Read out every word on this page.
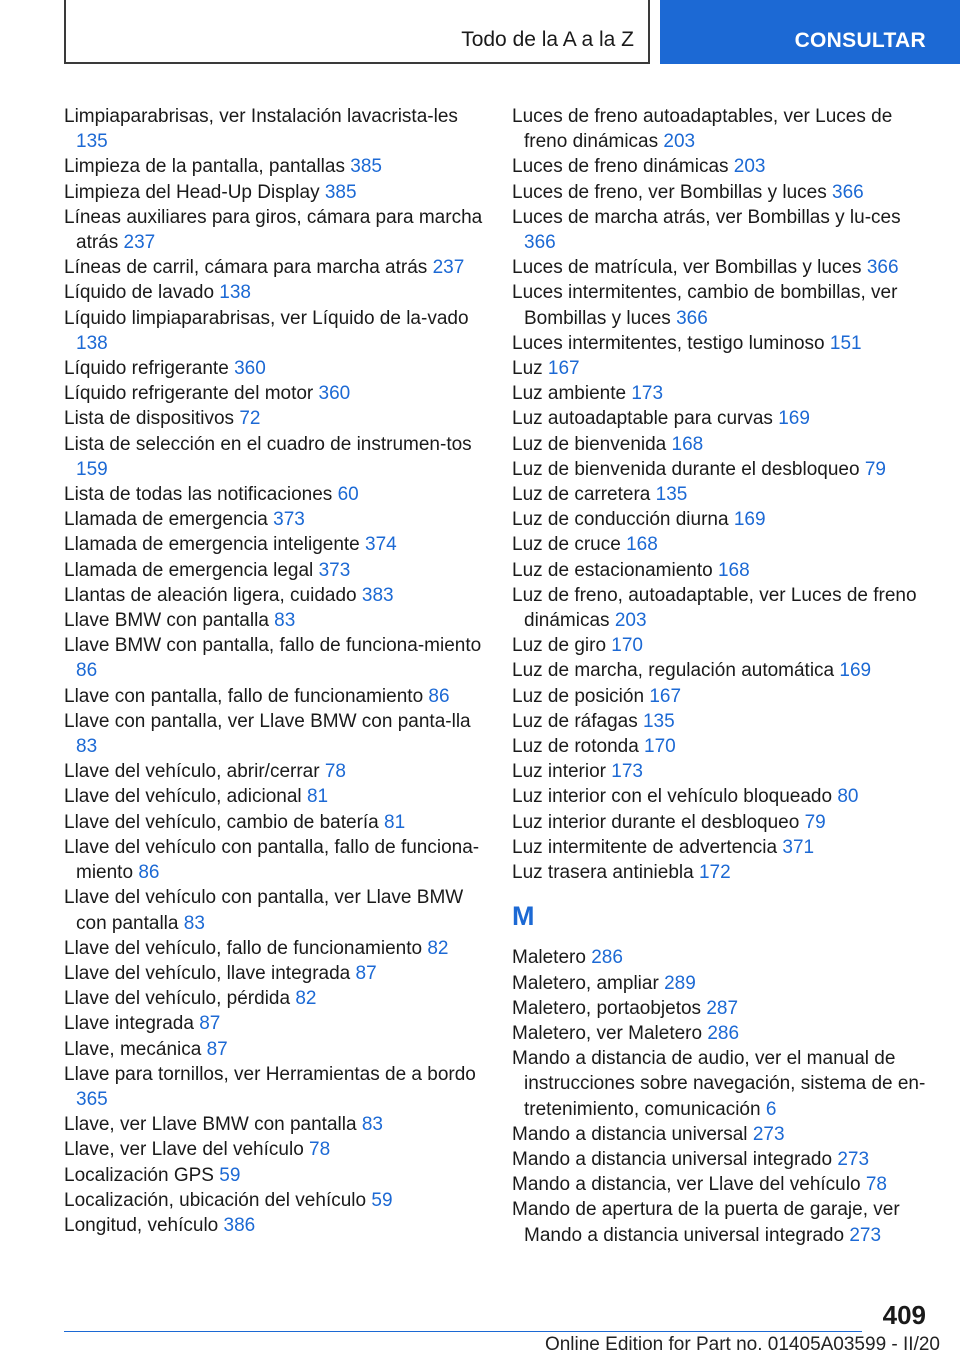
Todo de la A a la Z	CONSULTAR
Limpiaparabrisas, ver Instalación lavacrista-les 135
Limpieza de la pantalla, pantallas 385
Limpieza del Head-Up Display 385
Líneas auxiliares para giros, cámara para marcha atrás 237
Líneas de carril, cámara para marcha atrás 237
Líquido de lavado 138
Líquido limpiaparabrisas, ver Líquido de la-vado 138
Líquido refrigerante 360
Líquido refrigerante del motor 360
Lista de dispositivos 72
Lista de selección en el cuadro de instrumen-tos 159
Lista de todas las notificaciones 60
Llamada de emergencia 373
Llamada de emergencia inteligente 374
Llamada de emergencia legal 373
Llantas de aleación ligera, cuidado 383
Llave BMW con pantalla 83
Llave BMW con pantalla, fallo de funciona-miento 86
Llave con pantalla, fallo de funcionamiento 86
Llave con pantalla, ver Llave BMW con panta-lla 83
Llave del vehículo, abrir/cerrar 78
Llave del vehículo, adicional 81
Llave del vehículo, cambio de batería 81
Llave del vehículo con pantalla, fallo de funciona-miento 86
Llave del vehículo con pantalla, ver Llave BMW con pantalla 83
Llave del vehículo, fallo de funcionamiento 82
Llave del vehículo, llave integrada 87
Llave del vehículo, pérdida 82
Llave integrada 87
Llave, mecánica 87
Llave para tornillos, ver Herramientas de a bordo 365
Llave, ver Llave BMW con pantalla 83
Llave, ver Llave del vehículo 78
Localización GPS 59
Localización, ubicación del vehículo 59
Longitud, vehículo 386
Luces de freno autoadaptables, ver Luces de freno dinámicas 203
Luces de freno dinámicas 203
Luces de freno, ver Bombillas y luces 366
Luces de marcha atrás, ver Bombillas y lu-ces 366
Luces de matrícula, ver Bombillas y luces 366
Luces intermitentes, cambio de bombillas, ver Bombillas y luces 366
Luces intermitentes, testigo luminoso 151
Luz 167
Luz ambiente 173
Luz autoadaptable para curvas 169
Luz de bienvenida 168
Luz de bienvenida durante el desbloqueo 79
Luz de carretera 135
Luz de conducción diurna 169
Luz de cruce 168
Luz de estacionamiento 168
Luz de freno, autoadaptable, ver Luces de freno dinámicas 203
Luz de giro 170
Luz de marcha, regulación automática 169
Luz de posición 167
Luz de ráfagas 135
Luz de rotonda 170
Luz interior 173
Luz interior con el vehículo bloqueado 80
Luz interior durante el desbloqueo 79
Luz intermitente de advertencia 371
Luz trasera antiniebla 172
M
Maletero 286
Maletero, ampliar 289
Maletero, portaobjetos 287
Maletero, ver Maletero 286
Mando a distancia de audio, ver el manual de instrucciones sobre navegación, sistema de en-tretenimiento, comunicación 6
Mando a distancia universal 273
Mando a distancia universal integrado 273
Mando a distancia, ver Llave del vehículo 78
Mando de apertura de la puerta de garaje, ver Mando a distancia universal integrado 273
409
Online Edition for Part no. 01405A03599 - II/20
